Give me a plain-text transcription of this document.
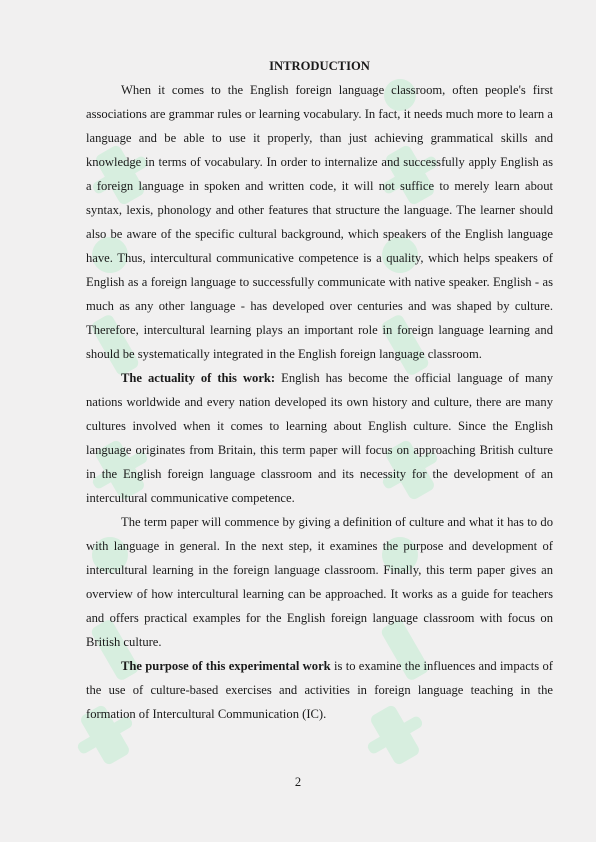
INTRODUCTION

When it comes to the English foreign language classroom, often people's first associations are grammar rules or learning vocabulary. In fact, it needs much more to learn a language and be able to use it properly, than just achieving grammatical skills and knowledge in terms of vocabulary. In order to internalize and successfully apply English as a foreign language in spoken and written code, it will not suffice to merely learn about syntax, lexis, phonology and other features that structure the language. The learner should also be aware of the specific cultural background, which speakers of the English language have. Thus, intercultural communicative competence is a quality, which helps speakers of English as a foreign language to successfully communicate with native speaker. English - as much as any other language - has developed over centuries and was shaped by culture. Therefore, intercultural learning plays an important role in foreign language learning and should be systematically integrated in the English foreign language classroom.

The actuality of this work: English has become the official language of many nations worldwide and every nation developed its own history and culture, there are many cultures involved when it comes to learning about English culture. Since the English language originates from Britain, this term paper will focus on approaching British culture in the English foreign language classroom and its necessity for the development of an intercultural communicative competence.

The term paper will commence by giving a definition of culture and what it has to do with language in general. In the next step, it examines the purpose and development of intercultural learning in the foreign language classroom. Finally, this term paper gives an overview of how intercultural learning can be approached. It works as a guide for teachers and offers practical examples for the English foreign language classroom with focus on British culture.

The purpose of this experimental work is to examine the influences and impacts of the use of culture-based exercises and activities in foreign language teaching in the formation of Intercultural Communication (IC).

2
